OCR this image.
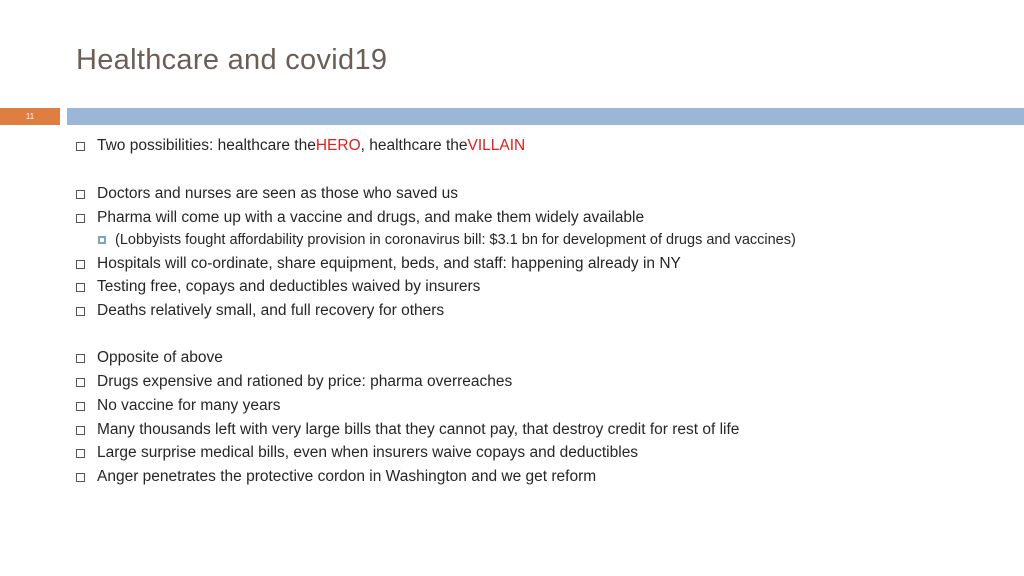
Healthcare and covid19
11
Two possibilities: healthcare the HERO , healthcare the VILLAIN
Doctors and nurses are seen as those who saved us
Pharma will come up with a vaccine and drugs, and make them widely available
(Lobbyists fought affordability provision in coronavirus bill: $3.1 bn for development of drugs and vaccines)
Hospitals will co-ordinate, share equipment, beds, and staff: happening already in NY
Testing free, copays and deductibles waived by insurers
Deaths relatively small, and full recovery for others
Opposite of above
Drugs expensive and rationed by price: pharma overreaches
No vaccine for many years
Many thousands left with very large bills that they cannot pay, that destroy credit for rest of life
Large surprise medical bills, even when insurers waive copays and deductibles
Anger penetrates the protective cordon in Washington and we get reform
